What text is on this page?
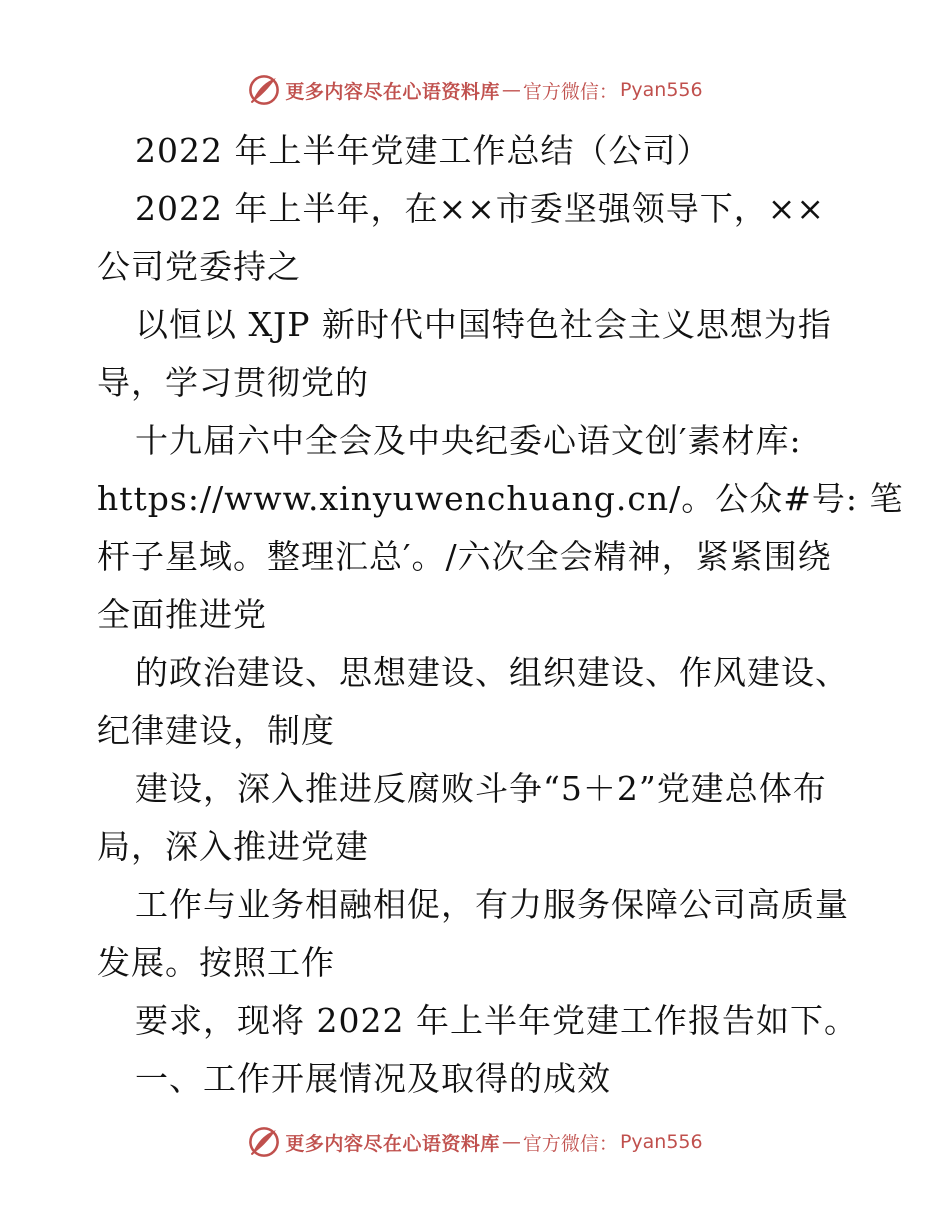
更多内容尽在心语资料库 — 官方微信： Pyan556
2022 年上半年党建工作总结（公司）
2022 年上半年，在××市委坚强领导下，××
公司党委持之
以恒以 XJP 新时代中国特色社会主义思想为指
导，学习贯彻党的
十九届六中全会及中央纪委心语文创′素材库:
https://www.xinyuwenchuang.cn/。公众#号: 笔
杆子星域。整理汇总′。/六次全会精神，紧紧围绕
全面推进党
的政治建设、思想建设、组织建设、作风建设、
纪律建设，制度
建设，深入推进反腐败斗争“5＋2”党建总体布
局，深入推进党建
工作与业务相融相促，有力服务保障公司高质量
发展。按照工作
要求，现将 2022 年上半年党建工作报告如下。
一、工作开展情况及取得的成效
更多内容尽在心语资料库 — 官方微信： Pyan556
